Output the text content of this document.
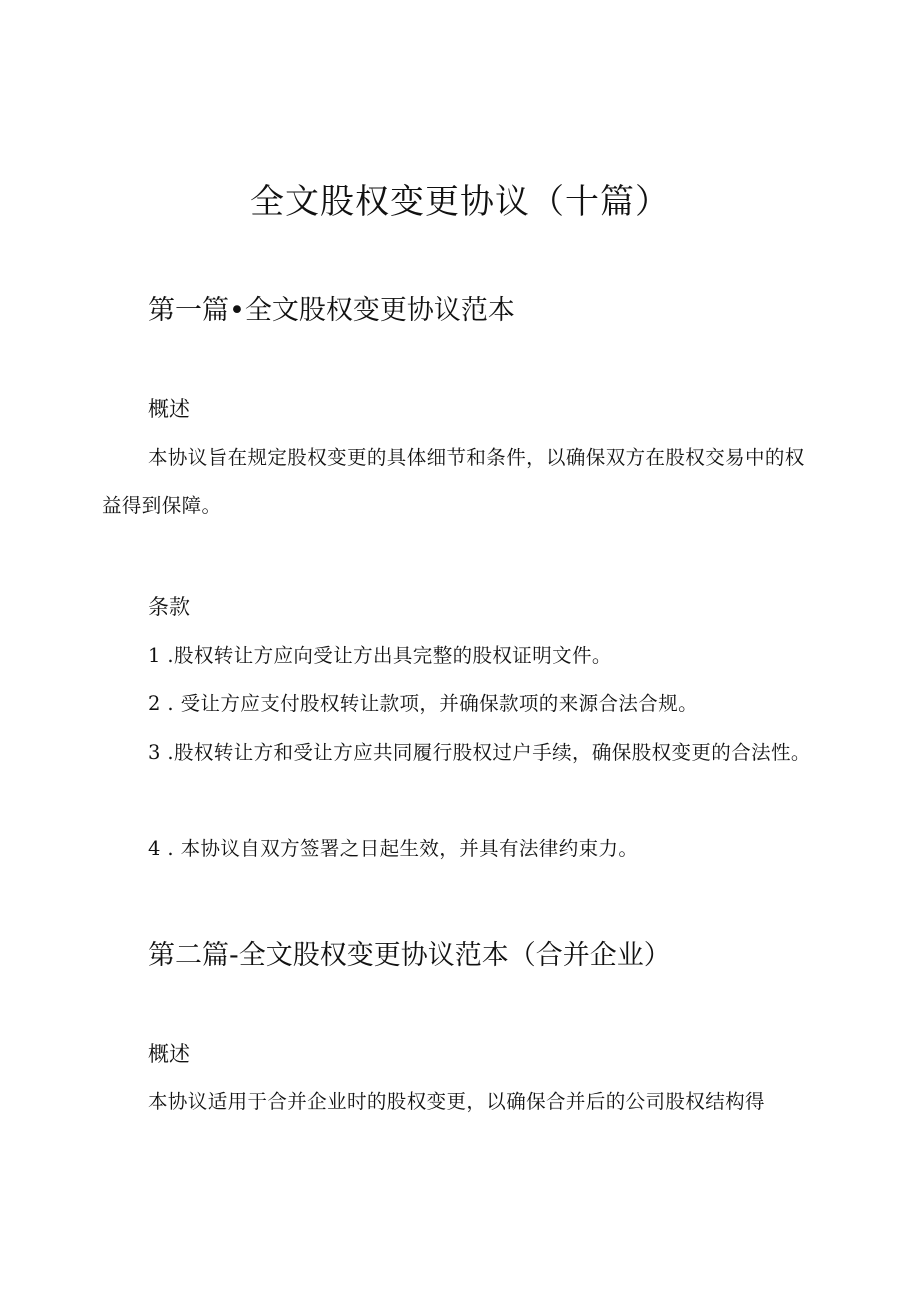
全文股权变更协议（十篇）
第一篇•全文股权变更协议范本
概述

本协议旨在规定股权变更的具体细节和条件，以确保双方在股权交易中的权益得到保障。

条款

1 .股权转让方应向受让方出具完整的股权证明文件。

2 . 受让方应支付股权转让款项，并确保款项的来源合法合规。

3 .股权转让方和受让方应共同履行股权过户手续，确保股权变更的合法性。

4 . 本协议自双方签署之日起生效，并具有法律约束力。

第二篇-全文股权变更协议范本（合并企业）
概述

本协议适用于合并企业时的股权变更，以确保合并后的公司股权结构得
